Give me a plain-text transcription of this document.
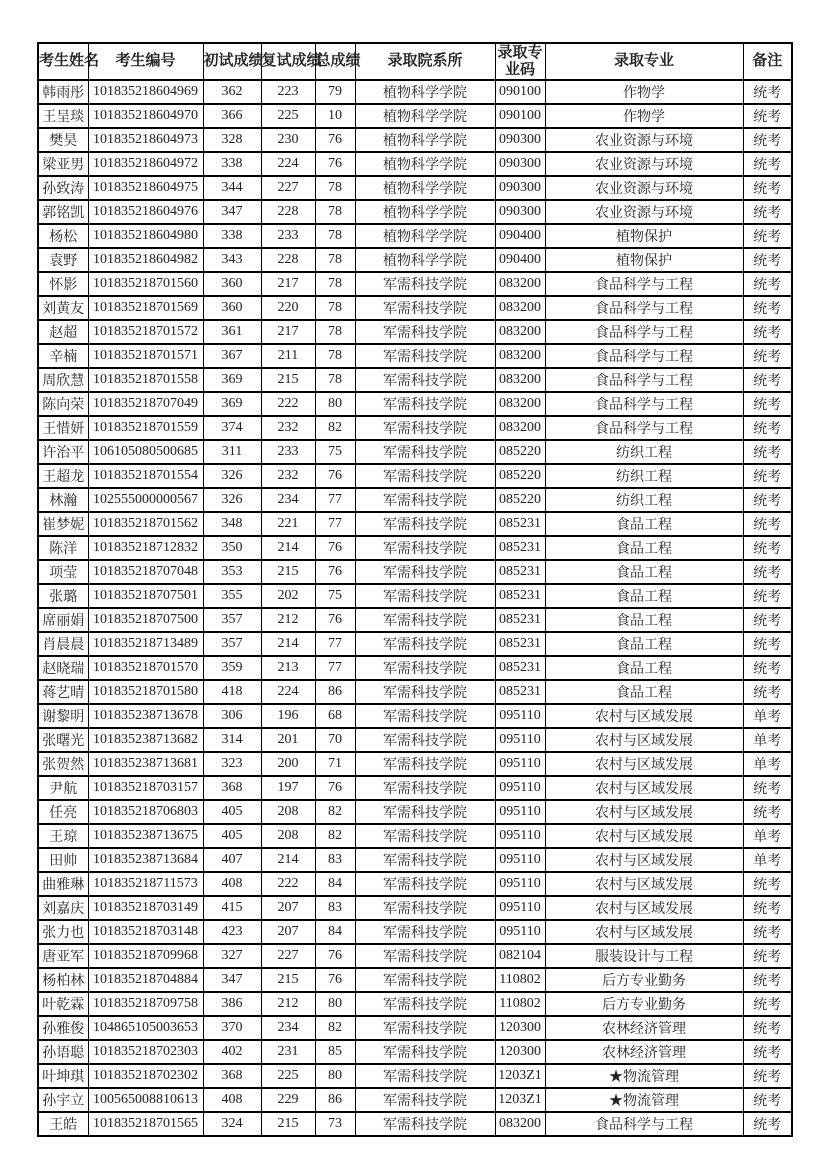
考生姓名	考生编号	初试成绩	复试成绩	总成绩	录取院系所	录取专业码	录取专业	备注
韩雨彤	101835218604969	362	223	79	植物科学学院	090100	作物学	统考
王呈琰	101835218604970	366	225	10	植物科学学院	090100	作物学	统考
樊昊	101835218604973	328	230	76	植物科学学院	090300	农业资源与环境	统考
梁亚男	101835218604972	338	224	76	植物科学学院	090300	农业资源与环境	统考
孙致涛	101835218604975	344	227	78	植物科学学院	090300	农业资源与环境	统考
郭铭凯	101835218604976	347	228	78	植物科学学院	090300	农业资源与环境	统考
杨松	101835218604980	338	233	78	植物科学学院	090400	植物保护	统考
袁野	101835218604982	343	228	78	植物科学学院	090400	植物保护	统考
怀影	101835218701560	360	217	78	军需科技学院	083200	食品科学与工程	统考
刘黄友	101835218701569	360	220	78	军需科技学院	083200	食品科学与工程	统考
赵超	101835218701572	361	217	78	军需科技学院	083200	食品科学与工程	统考
辛楠	101835218701571	367	211	78	军需科技学院	083200	食品科学与工程	统考
周欣慧	101835218701558	369	215	78	军需科技学院	083200	食品科学与工程	统考
陈向荣	101835218707049	369	222	80	军需科技学院	083200	食品科学与工程	统考
王惜妍	101835218701559	374	232	82	军需科技学院	083200	食品科学与工程	统考
许治平	106105080500685	311	233	75	军需科技学院	085220	纺织工程	统考
王超龙	101835218701554	326	232	76	军需科技学院	085220	纺织工程	统考
林瀚	102555000000567	326	234	77	军需科技学院	085220	纺织工程	统考
崔梦妮	101835218701562	348	221	77	军需科技学院	085231	食品工程	统考
陈洋	101835218712832	350	214	76	军需科技学院	085231	食品工程	统考
项莹	101835218707048	353	215	76	军需科技学院	085231	食品工程	统考
张璐	101835218707501	355	202	75	军需科技学院	085231	食品工程	统考
席丽娟	101835218707500	357	212	76	军需科技学院	085231	食品工程	统考
肖晨晨	101835218713489	357	214	77	军需科技学院	085231	食品工程	统考
赵晓瑞	101835218701570	359	213	77	军需科技学院	085231	食品工程	统考
蒋艺晴	101835218701580	418	224	86	军需科技学院	085231	食品工程	统考
谢黎明	101835238713678	306	196	68	军需科技学院	095110	农村与区域发展	单考
张曙光	101835238713682	314	201	70	军需科技学院	095110	农村与区域发展	单考
张贺然	101835238713681	323	200	71	军需科技学院	095110	农村与区域发展	单考
尹航	101835218703157	368	197	76	军需科技学院	095110	农村与区域发展	统考
任亮	101835218706803	405	208	82	军需科技学院	095110	农村与区域发展	统考
王琼	101835238713675	405	208	82	军需科技学院	095110	农村与区域发展	单考
田帅	101835238713684	407	214	83	军需科技学院	095110	农村与区域发展	单考
曲雅琳	101835218711573	408	222	84	军需科技学院	095110	农村与区域发展	统考
刘嘉庆	101835218703149	415	207	83	军需科技学院	095110	农村与区域发展	统考
张力也	101835218703148	423	207	84	军需科技学院	095110	农村与区域发展	统考
唐亚军	101835218709968	327	227	76	军需科技学院	082104	服装设计与工程	统考
杨柏林	101835218704884	347	215	76	军需科技学院	110802	后方专业勤务	统考
叶乾霖	101835218709758	386	212	80	军需科技学院	110802	后方专业勤务	统考
孙雅俊	104865105003653	370	234	82	军需科技学院	120300	农林经济管理	统考
孙语聪	101835218702303	402	231	85	军需科技学院	120300	农林经济管理	统考
叶坤琪	101835218702302	368	225	80	军需科技学院	1203Z1	★物流管理	统考
孙宇立	100565008810613	408	229	86	军需科技学院	1203Z1	★物流管理	统考
王皓	101835218701565	324	215	73	军需科技学院	083200	食品科学与工程	统考
